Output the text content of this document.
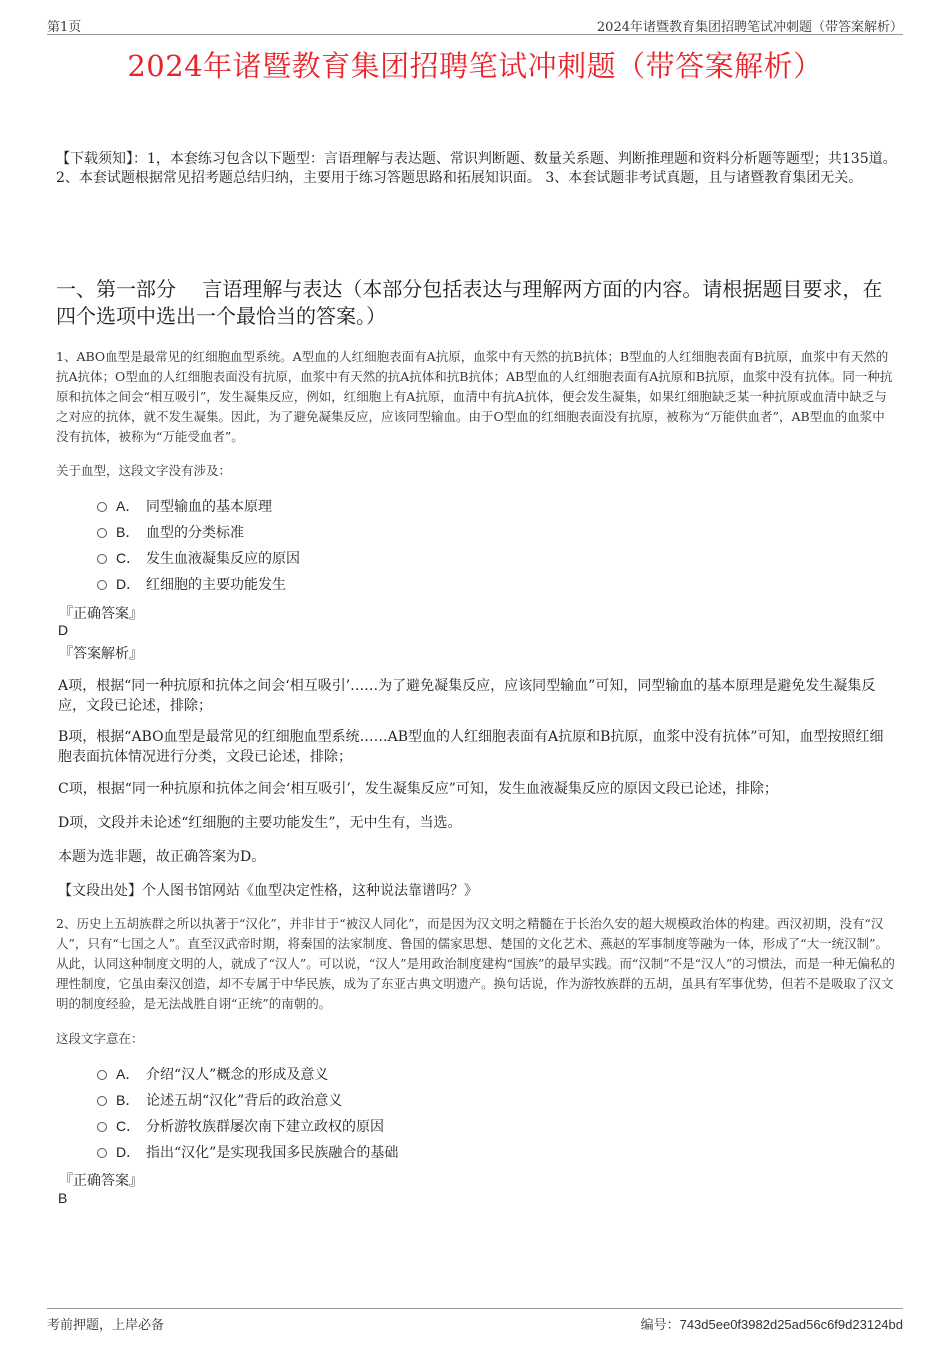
第1页	2024年诸暨教育集团招聘笔试冲刺题（带答案解析）
2024年诸暨教育集团招聘笔试冲刺题（带答案解析）
【下载须知】：1，本套练习包含以下题型：言语理解与表达题、常识判断题、数量关系题、判断推理题和资料分析题等题型；共135道。 2、本套试题根据常见招考题总结归纳，主要用于练习答题思路和拓展知识面。 3、本套试题非考试真题，且与诸暨教育集团无关。
一、第一部分　 言语理解与表达（本部分包括表达与理解两方面的内容。请根据题目要求，在四个选项中选出一个最恰当的答案。）

1、ABO血型是最常见的红细胞血型系统。A型血的人红细胞表面有A抗原，血浆中有天然的抗B抗体；B型血的人红细胞表面有B抗原，血浆中有天然的抗A抗体；O型血的人红细胞表面没有抗原，血浆中有天然的抗A抗体和抗B抗体；AB型血的人红细胞表面有A抗原和B抗原，血浆中没有抗体。同一种抗原和抗体之间会“相互吸引”，发生凝集反应，例如，红细胞上有A抗原，血清中有抗A抗体，便会发生凝集，如果红细胞缺乏某一种抗原或血清中缺乏与之对应的抗体，就不发生凝集。因此，为了避免凝集反应，应该同型输血。由于O型血的红细胞表面没有抗原，被称为“万能供血者”，AB型血的血浆中没有抗体，被称为“万能受血者”。

关于血型，这段文字没有涉及：

A． 同型输血的基本原理
B． 血型的分类标准
C． 发生血液凝集反应的原因
D． 红细胞的主要功能发生
『正确答案』
D
『答案解析』

A项，根据“同一种抗原和抗体之间会‘相互吸引’……为了避免凝集反应，应该同型输血”可知，同型输血的基本原理是避免发生凝集反应，文段已论述，排除；

B项，根据“ABO血型是最常见的红细胞血型系统……AB型血的人红细胞表面有A抗原和B抗原，血浆中没有抗体”可知，血型按照红细胞表面抗体情况进行分类，文段已论述，排除；

C项，根据“同一种抗原和抗体之间会‘相互吸引’，发生凝集反应”可知，发生血液凝集反应的原因文段已论述，排除；

D项，文段并未论述“红细胞的主要功能发生”，无中生有，当选。

本题为选非题，故正确答案为D。

【文段出处】个人图书馆网站《血型决定性格，这种说法靠谱吗？》

2、历史上五胡族群之所以执著于“汉化”，并非甘于“被汉人同化”，而是因为汉文明之精髓在于长治久安的超大规模政治体的构建。西汉初期，没有“汉人”，只有“七国之人”。直至汉武帝时期，将秦国的法家制度、鲁国的儒家思想、楚国的文化艺术、燕赵的军事制度等融为一体，形成了“大一统汉制”。从此，认同这种制度文明的人，就成了“汉人”。可以说，“汉人”是用政治制度建构“国族”的最早实践。而“汉制”不是“汉人”的习惯法，而是一种无偏私的理性制度，它虽由秦汉创造，却不专属于中华民族，成为了东亚古典文明遗产。换句话说，作为游牧族群的五胡，虽具有军事优势，但若不是吸取了汉文明的制度经验，是无法战胜自诩“正统”的南朝的。

这段文字意在：

A． 介绍“汉人”概念的形成及意义
B． 论述五胡“汉化”背后的政治意义
C． 分析游牧族群屡次南下建立政权的原因
D． 指出“汉化”是实现我国多民族融合的基础
『正确答案』
B
考前押题，上岸必备	编号：743d5ee0f3982d25ad56c6f9d23124bd
